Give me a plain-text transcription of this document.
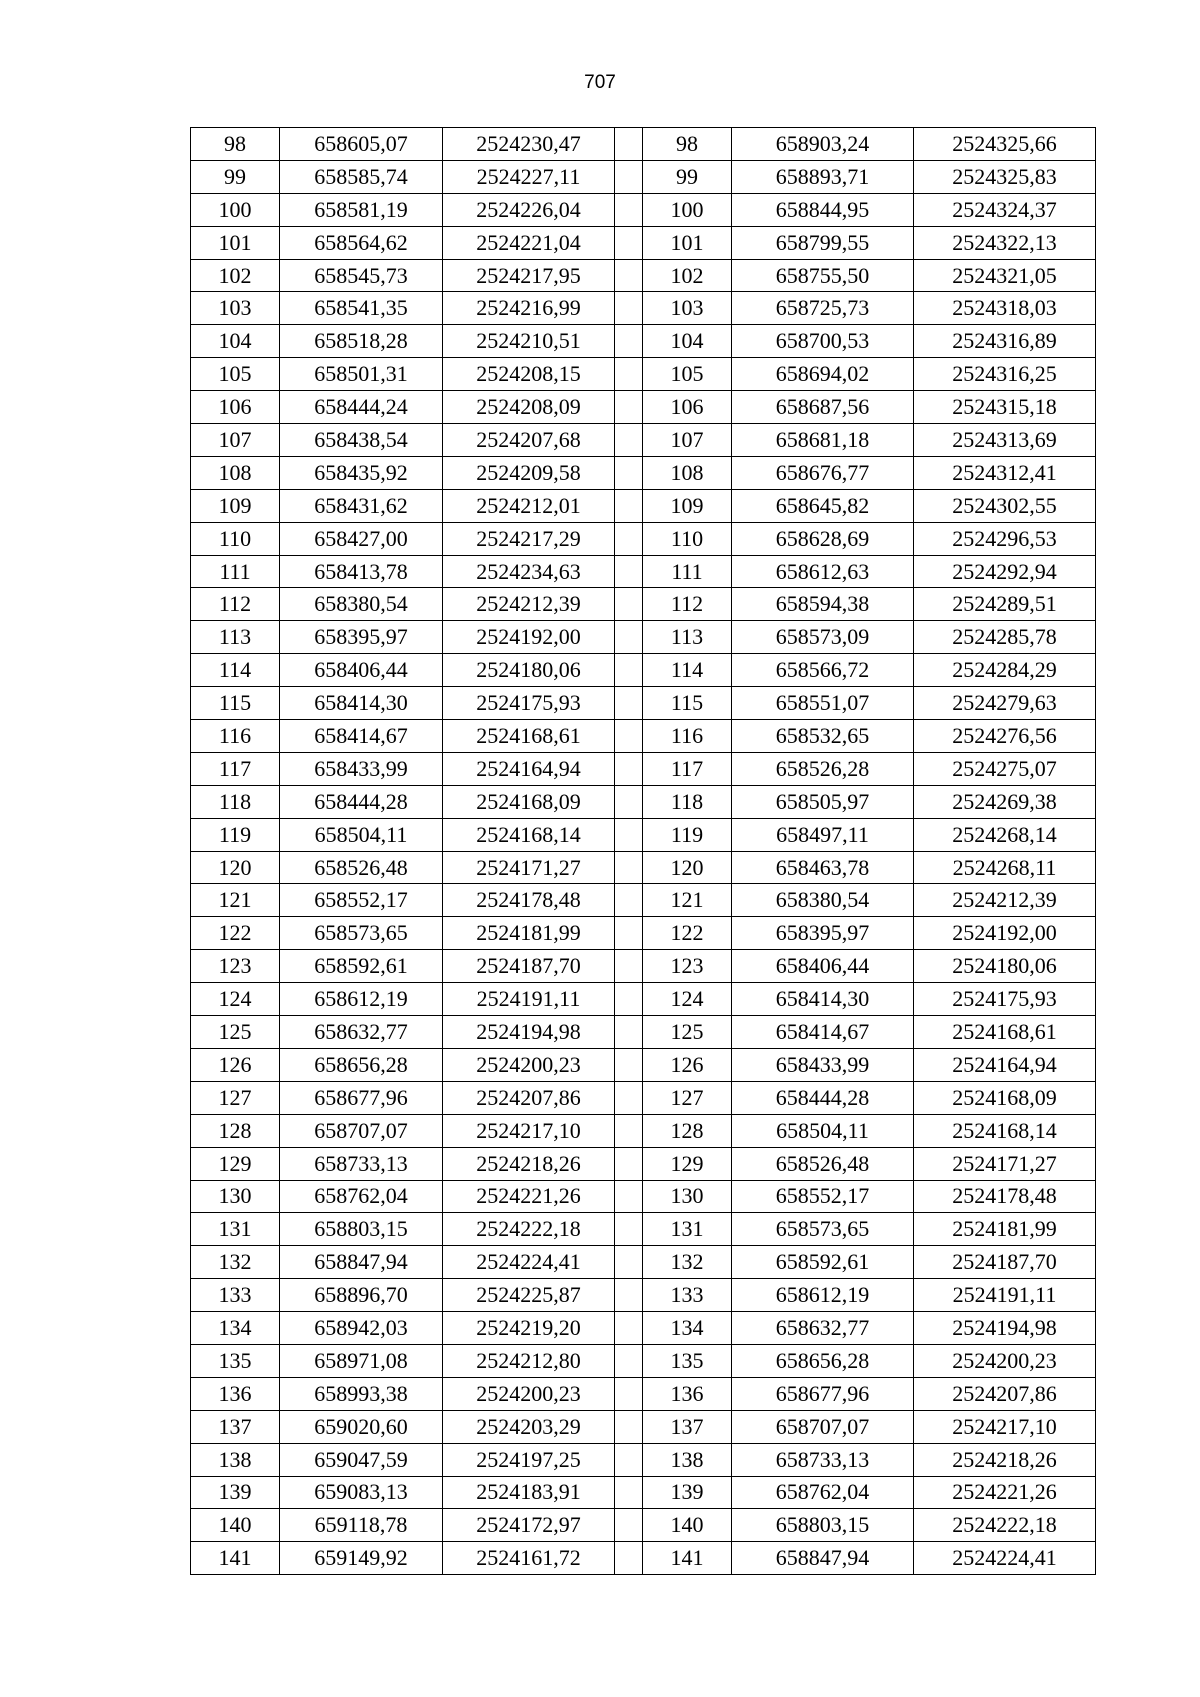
707
98	658605,07	2524230,47		98	658903,24	2524325,66
99	658585,74	2524227,11		99	658893,71	2524325,83
100	658581,19	2524226,04		100	658844,95	2524324,37
101	658564,62	2524221,04		101	658799,55	2524322,13
102	658545,73	2524217,95		102	658755,50	2524321,05
103	658541,35	2524216,99		103	658725,73	2524318,03
104	658518,28	2524210,51		104	658700,53	2524316,89
105	658501,31	2524208,15		105	658694,02	2524316,25
106	658444,24	2524208,09		106	658687,56	2524315,18
107	658438,54	2524207,68		107	658681,18	2524313,69
108	658435,92	2524209,58		108	658676,77	2524312,41
109	658431,62	2524212,01		109	658645,82	2524302,55
110	658427,00	2524217,29		110	658628,69	2524296,53
111	658413,78	2524234,63		111	658612,63	2524292,94
112	658380,54	2524212,39		112	658594,38	2524289,51
113	658395,97	2524192,00		113	658573,09	2524285,78
114	658406,44	2524180,06		114	658566,72	2524284,29
115	658414,30	2524175,93		115	658551,07	2524279,63
116	658414,67	2524168,61		116	658532,65	2524276,56
117	658433,99	2524164,94		117	658526,28	2524275,07
118	658444,28	2524168,09		118	658505,97	2524269,38
119	658504,11	2524168,14		119	658497,11	2524268,14
120	658526,48	2524171,27		120	658463,78	2524268,11
121	658552,17	2524178,48		121	658380,54	2524212,39
122	658573,65	2524181,99		122	658395,97	2524192,00
123	658592,61	2524187,70		123	658406,44	2524180,06
124	658612,19	2524191,11		124	658414,30	2524175,93
125	658632,77	2524194,98		125	658414,67	2524168,61
126	658656,28	2524200,23		126	658433,99	2524164,94
127	658677,96	2524207,86		127	658444,28	2524168,09
128	658707,07	2524217,10		128	658504,11	2524168,14
129	658733,13	2524218,26		129	658526,48	2524171,27
130	658762,04	2524221,26		130	658552,17	2524178,48
131	658803,15	2524222,18		131	658573,65	2524181,99
132	658847,94	2524224,41		132	658592,61	2524187,70
133	658896,70	2524225,87		133	658612,19	2524191,11
134	658942,03	2524219,20		134	658632,77	2524194,98
135	658971,08	2524212,80		135	658656,28	2524200,23
136	658993,38	2524200,23		136	658677,96	2524207,86
137	659020,60	2524203,29		137	658707,07	2524217,10
138	659047,59	2524197,25		138	658733,13	2524218,26
139	659083,13	2524183,91		139	658762,04	2524221,26
140	659118,78	2524172,97		140	658803,15	2524222,18
141	659149,92	2524161,72		141	658847,94	2524224,41
